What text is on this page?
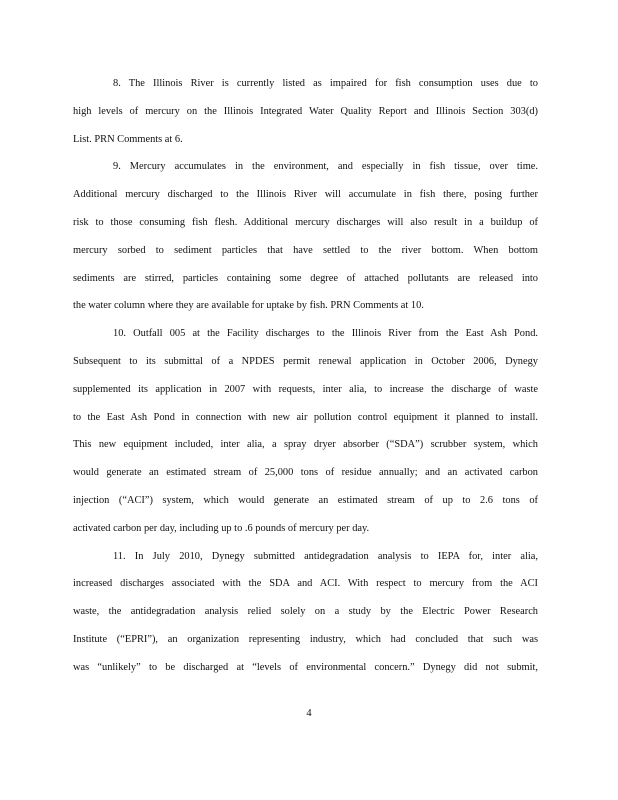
8. The Illinois River is currently listed as impaired for fish consumption uses due to
high levels of mercury on the Illinois Integrated Water Quality Report and Illinois Section 303(d)
List. PRN Comments at 6.
9. Mercury accumulates in the environment, and especially in fish tissue, over time.
Additional mercury discharged to the Illinois River will accumulate in fish there, posing further
risk to those consuming fish flesh. Additional mercury discharges will also result in a buildup of
mercury sorbed to sediment particles that have settled to the river bottom. When bottom
sediments are stirred, particles containing some degree of attached pollutants are released into
the water column where they are available for uptake by fish. PRN Comments at 10.
10. Outfall 005 at the Facility discharges to the Illinois River from the East Ash Pond.
Subsequent to its submittal of a NPDES permit renewal application in October 2006, Dynegy
supplemented its application in 2007 with requests, inter alia, to increase the discharge of waste
to the East Ash Pond in connection with new air pollution control equipment it planned to install.
This new equipment included, inter alia, a spray dryer absorber (“SDA”) scrubber system, which
would generate an estimated stream of 25,000 tons of residue annually; and an activated carbon
injection (“ACI”) system, which would generate an estimated stream of up to 2.6 tons of
activated carbon per day, including up to .6 pounds of mercury per day.
11. In July 2010, Dynegy submitted antidegradation analysis to IEPA for, inter alia,
increased discharges associated with the SDA and ACI. With respect to mercury from the ACI
waste, the antidegradation analysis relied solely on a study by the Electric Power Research
Institute (“EPRI”), an organization representing industry, which had concluded that such was
was “unlikely” to be discharged at “levels of environmental concern.” Dynegy did not submit,
4
